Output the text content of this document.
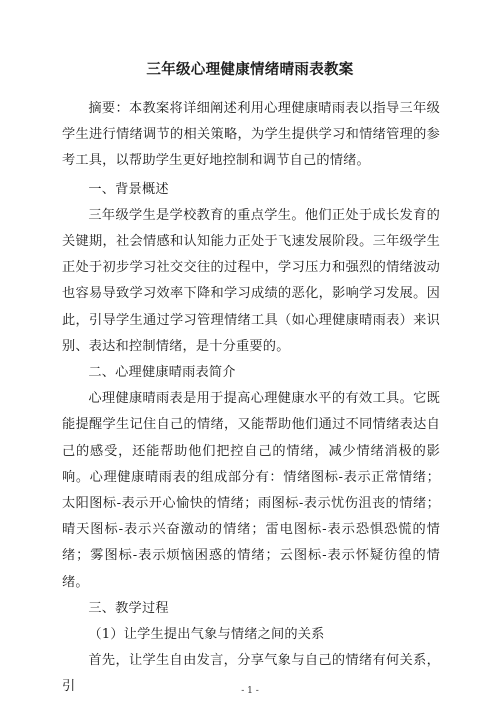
三年级心理健康情绪晴雨表教案

摘要：本教案将详细阐述利用心理健康晴雨表以指导三年级学生进行情绪调节的相关策略，为学生提供学习和情绪管理的参考工具，以帮助学生更好地控制和调节自己的情绪。

一、背景概述

三年级学生是学校教育的重点学生。他们正处于成长发育的关键期，社会情感和认知能力正处于飞速发展阶段。三年级学生正处于初步学习社交交往的过程中，学习压力和强烈的情绪波动也容易导致学习效率下降和学习成绩的恶化，影响学习发展。因此，引导学生通过学习管理情绪工具（如心理健康晴雨表）来识别、表达和控制情绪，是十分重要的。

二、心理健康晴雨表简介

心理健康晴雨表是用于提高心理健康水平的有效工具。它既能提醒学生记住自己的情绪，又能帮助他们通过不同情绪表达自己的感受，还能帮助他们把控自己的情绪，减少情绪消极的影响。心理健康晴雨表的组成部分有：情绪图标-表示正常情绪；太阳图标-表示开心愉快的情绪；雨图标-表示忧伤沮丧的情绪；晴天图标-表示兴奋激动的情绪；雷电图标-表示恐惧恐慌的情绪；雾图标-表示烦恼困惑的情绪；云图标-表示怀疑彷徨的情绪。

三、教学过程

（1）让学生提出气象与情绪之间的关系

首先，让学生自由发言，分享气象与自己的情绪有何关系，引	- 1 -
